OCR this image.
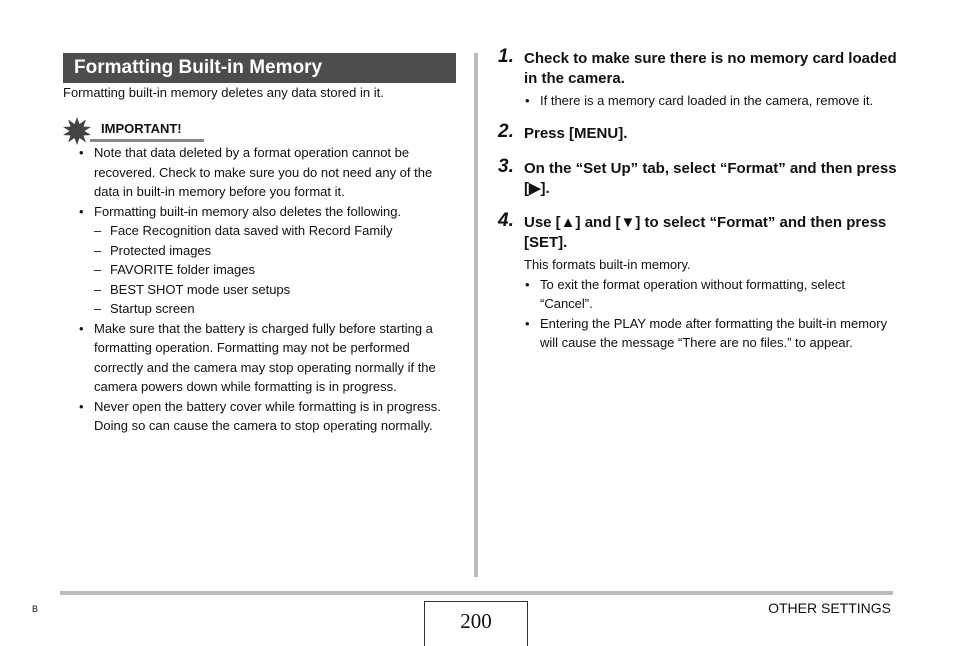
Formatting Built-in Memory
Formatting built-in memory deletes any data stored in it.
IMPORTANT!
• Note that data deleted by a format operation cannot be recovered. Check to make sure you do not need any of the data in built-in memory before you format it.
• Formatting built-in memory also deletes the following.
– Face Recognition data saved with Record Family
– Protected images
– FAVORITE folder images
– BEST SHOT mode user setups
– Startup screen
• Make sure that the battery is charged fully before starting a formatting operation. Formatting may not be performed correctly and the camera may stop operating normally if the camera powers down while formatting is in progress.
• Never open the battery cover while formatting is in progress. Doing so can cause the camera to stop operating normally.
1. Check to make sure there is no memory card loaded in the camera.
• If there is a memory card loaded in the camera, remove it.
2. Press [MENU].
3. On the “Set Up” tab, select “Format” and then press [▶].
4. Use [▲] and [▼] to select “Format” and then press [SET].
This formats built-in memory.
• To exit the format operation without formatting, select “Cancel”.
• Entering the PLAY mode after formatting the built-in memory will cause the message “There are no files.” to appear.
B	200
OTHER SETTINGS
